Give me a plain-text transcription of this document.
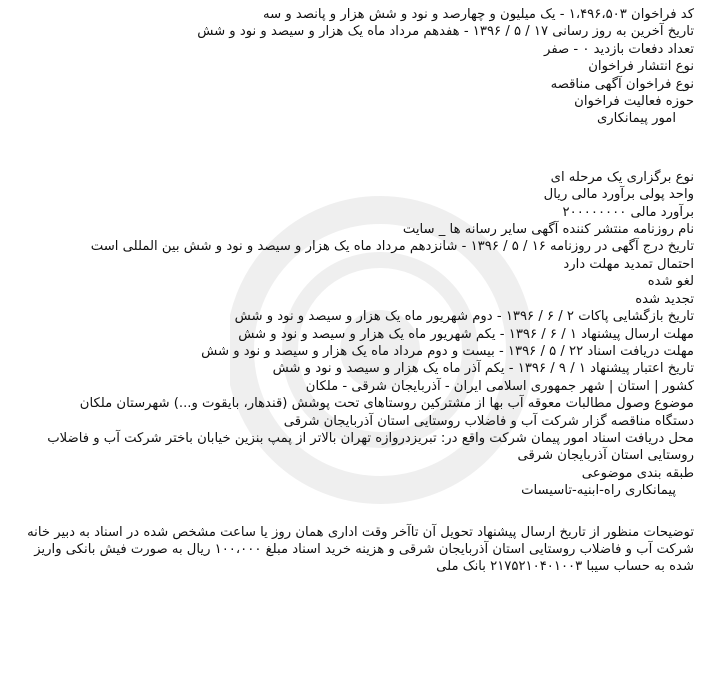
کد فراخوان ۱،۴۹۶،۵۰۳ - یک میلیون و چهارصد و نود و شش هزار و پانصد و سه
تاریخ آخرین به روز رسانی ۱۷ / ۵ / ۱۳۹۶ - هفدهم مرداد ماه یک هزار و سیصد و نود و شش
تعداد دفعات بازدید ۰ - صفر
نوع انتشار فراخوان
نوع فراخوان آگهی مناقصه
حوزه فعالیت فراخوان
امور پیمانکاری
نوع برگزاری یک مرحله ای
واحد پولی برآورد مالی ریال
برآورد مالی ۲۰۰۰۰۰۰۰۰
نام روزنامه منتشر کننده آگهی سایر رسانه ها _ سایت
تاریخ درج آگهی در روزنامه ۱۶ / ۵ / ۱۳۹۶ - شانزدهم مرداد ماه یک هزار و سیصد و نود و شش بین المللی است
احتمال تمدید مهلت دارد
لغو شده
تجدید شده
تاریخ بازگشایی پاکات ۲ / ۶ / ۱۳۹۶ - دوم شهریور ماه یک هزار و سیصد و نود و شش
مهلت ارسال پیشنهاد ۱ / ۶ / ۱۳۹۶ - یکم شهریور ماه یک هزار و سیصد و نود و شش
مهلت دریافت اسناد ۲۲ / ۵ / ۱۳۹۶ - بیست و دوم مرداد ماه یک هزار و سیصد و نود و شش
تاریخ اعتبار پیشنهاد ۱ / ۹ / ۱۳۹۶ - یکم آذر ماه یک هزار و سیصد و نود و شش
کشور | استان | شهر جمهوری اسلامی ایران - آذربایجان شرقی - ملکان
موضوع وصول مطالبات معوقه آب بها از مشترکین روستاهای تحت پوشش (قندهار، بایقوت و...) شهرستان ملکان
دستگاه مناقصه گزار شرکت آب و فاضلاب روستایی استان آذربایجان شرقی
محل دریافت اسناد امور پیمان شرکت واقع در: تبریزدروازه تهران بالاتر از پمپ بنزین خیابان باختر شرکت آب و فاضلاب روستایی استان آذربایجان شرقی
طبقه بندی موضوعی
پیمانکاری راه-ابنیه-تاسیسات
توضیحات منظور از تاریخ ارسال پیشنهاد تحویل آن تاآخر وقت اداری همان روز یا ساعت مشخص شده در اسناد به دبیر خانه شرکت آب و فاضلاب روستایی استان آذربایجان شرقی و هزینه خرید اسناد مبلغ ۱۰۰،۰۰۰ ریال به صورت فیش بانکی واریز شده به حساب سیبا ۲۱۷۵۲۱۰۴۰۱۰۰۳ بانک ملی
